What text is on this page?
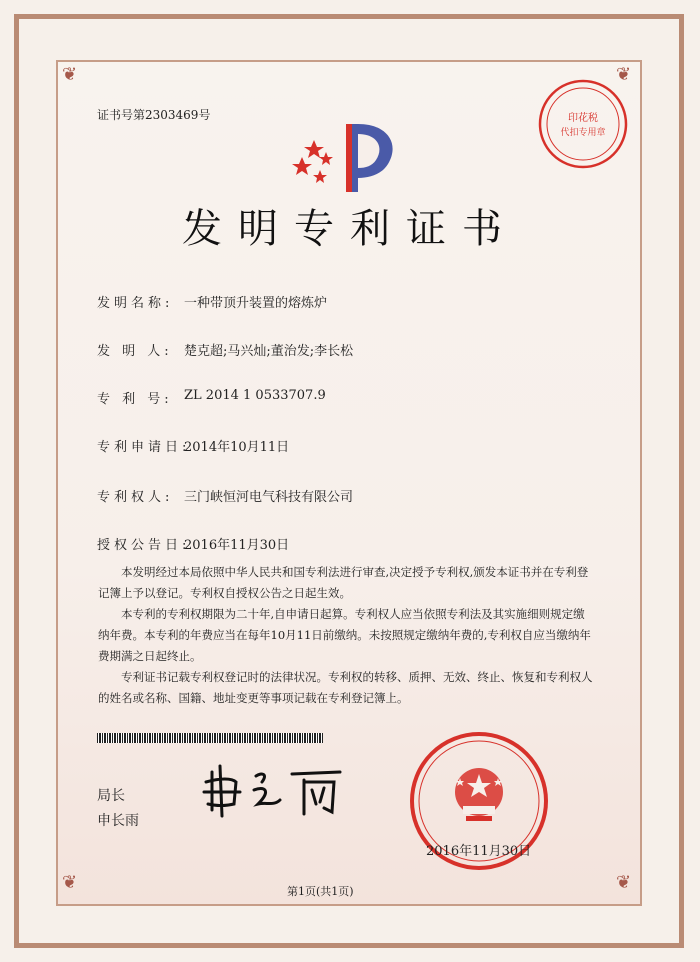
❦	❦
❦	❦
证书号第2303469号	印花税
代扣专用章
发明专利证书
发明名称: 一种带顶升装置的熔炼炉
发 明 人: 楚克超;马兴灿;董治发;李长松
专 利 号: ZL 2014 1 0533707.9
专利申请日:
2014年10月11日
专利权人: 三门峡恒河电气科技有限公司
授权公告日:
2016年11月30日
本发明经过本局依照中华人民共和国专利法进行审查,决定授予专利权,颁发本证书并在专利登记簿上予以登记。专利权自授权公告之日起生效。
本专利的专利权期限为二十年,自申请日起算。专利权人应当依照专利法及其实施细则规定缴纳年费。本专利的年费应当在每年10月11日前缴纳。未按照规定缴纳年费的,专利权自应当缴纳年费期满之日起终止。
专利证书记载专利权登记时的法律状况。专利权的转移、质押、无效、终止、恢复和专利权人的姓名或名称、国籍、地址变更等事项记载在专利登记簿上。
局长
申长雨
2016年11月30日
第1页(共1页)
